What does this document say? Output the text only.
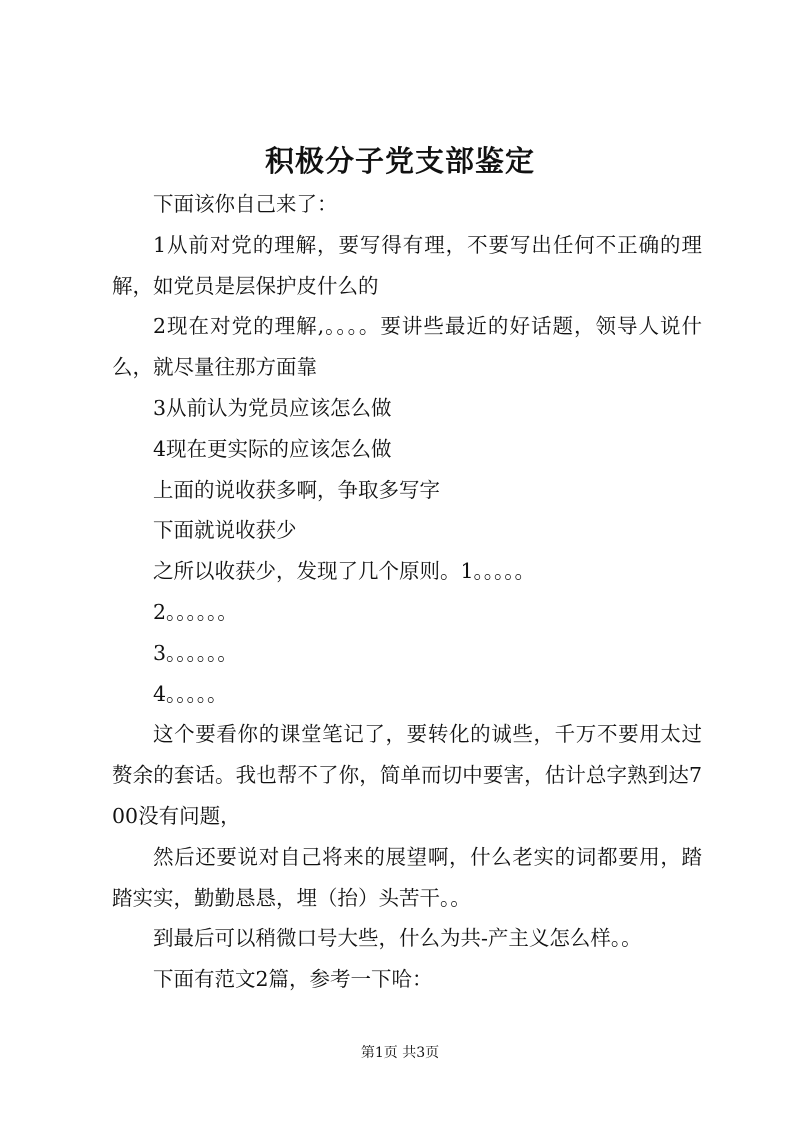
积极分子党支部鉴定

下面该你自己来了：

1从前对党的理解，要写得有理，不要写出任何不正确的理解，如党员是层保护皮什么的

2现在对党的理解,。。。。要讲些最近的好话题，领导人说什么，就尽量往那方面靠

3从前认为党员应该怎么做

4现在更实际的应该怎么做

上面的说收获多啊，争取多写字

下面就说收获少

之所以收获少，发现了几个原则。1。。。。。

2。。。。。。

3。。。。。。

4。。。。。

这个要看你的课堂笔记了，要转化的诚些，千万不要用太过赘余的套话。我也帮不了你，简单而切中要害，估计总字熟到达700没有问题，

然后还要说对自己将来的展望啊，什么老实的词都要用，踏踏实实，勤勤恳恳，埋（抬）头苦干。。

到最后可以稍微口号大些，什么为共-产主义怎么样。。

下面有范文2篇，参考一下哈：

第1页 共3页
